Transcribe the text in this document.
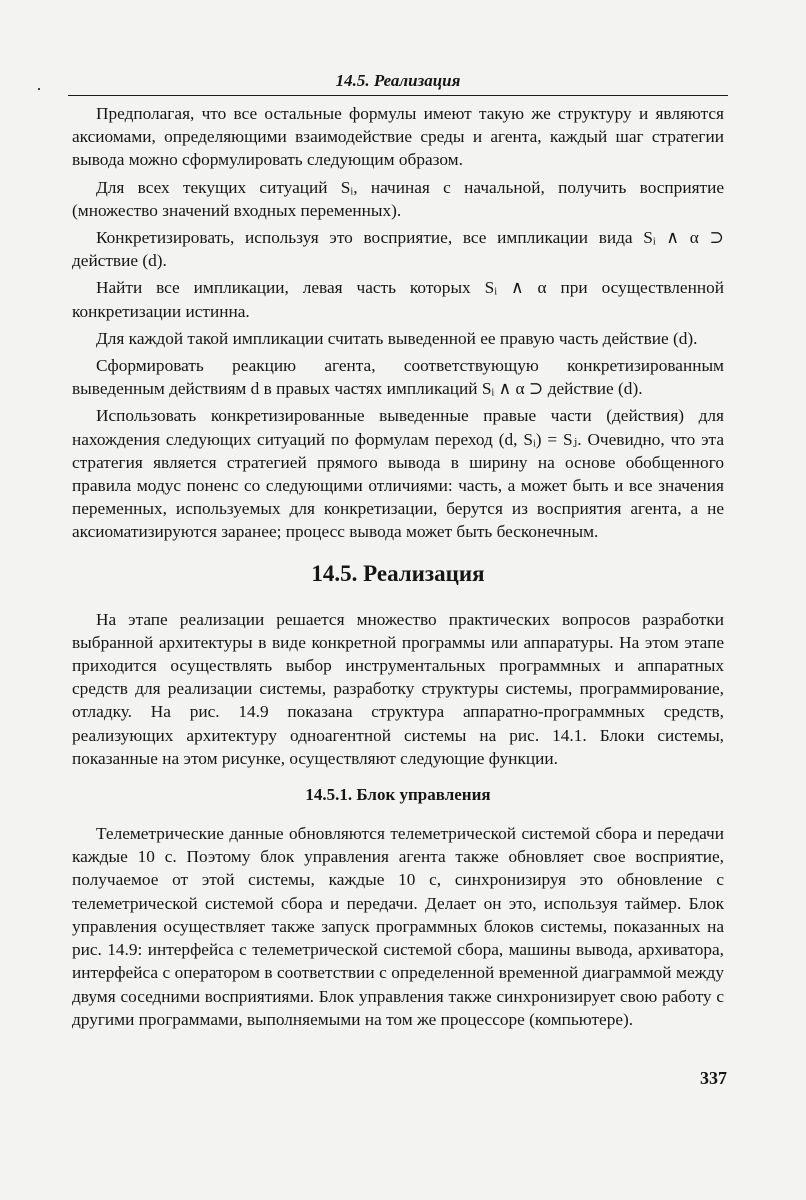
14.5. Реализация

Предполагая, что все остальные формулы имеют такую же структуру и являются аксиомами, определяющими взаимодействие среды и агента, каждый шаг стратегии вывода можно сформулировать следующим образом.

Для всех текущих ситуаций Sᵢ, начиная с начальной, получить восприятие (множество значений входных переменных).

Конкретизировать, используя это восприятие, все импликации вида Sᵢ ∧ α ⊃ действие (d).

Найти все импликации, левая часть которых Sᵢ ∧ α при осуществленной конкретизации истинна.

Для каждой такой импликации считать выведенной ее правую часть действие (d).

Сформировать реакцию агента, соответствующую конкретизированным выведенным действиям d в правых частях импликаций Sᵢ ∧ α ⊃ действие (d).

Использовать конкретизированные выведенные правые части (действия) для нахождения следующих ситуаций по формулам переход (d, Sᵢ) = Sⱼ. Очевидно, что эта стратегия является стратегией прямого вывода в ширину на основе обобщенного правила модус поненс со следующими отличиями: часть, а может быть и все значения переменных, используемых для конкретизации, берутся из восприятия агента, а не аксиоматизируются заранее; процесс вывода может быть бесконечным.

14.5. Реализация

На этапе реализации решается множество практических вопросов разработки выбранной архитектуры в виде конкретной программы или аппаратуры. На этом этапе приходится осуществлять выбор инструментальных программных и аппаратных средств для реализации системы, разработку структуры системы, программирование, отладку. На рис. 14.9 показана структура аппаратно-программных средств, реализующих архитектуру одноагентной системы на рис. 14.1. Блоки системы, показанные на этом рисунке, осуществляют следующие функции.

14.5.1. Блок управления

Телеметрические данные обновляются телеметрической системой сбора и передачи каждые 10 с. Поэтому блок управления агента также обновляет свое восприятие, получаемое от этой системы, каждые 10 с, синхронизируя это обновление с телеметрической системой сбора и передачи. Делает он это, используя таймер. Блок управления осуществляет также запуск программных блоков системы, показанных на рис. 14.9: интерфейса с телеметрической системой сбора, машины вывода, архиватора, интерфейса с оператором в соответствии с определенной временной диаграммой между двумя соседними восприятиями. Блок управления также синхронизирует свою работу с другими программами, выполняемыми на том же процессоре (компьютере).

337
